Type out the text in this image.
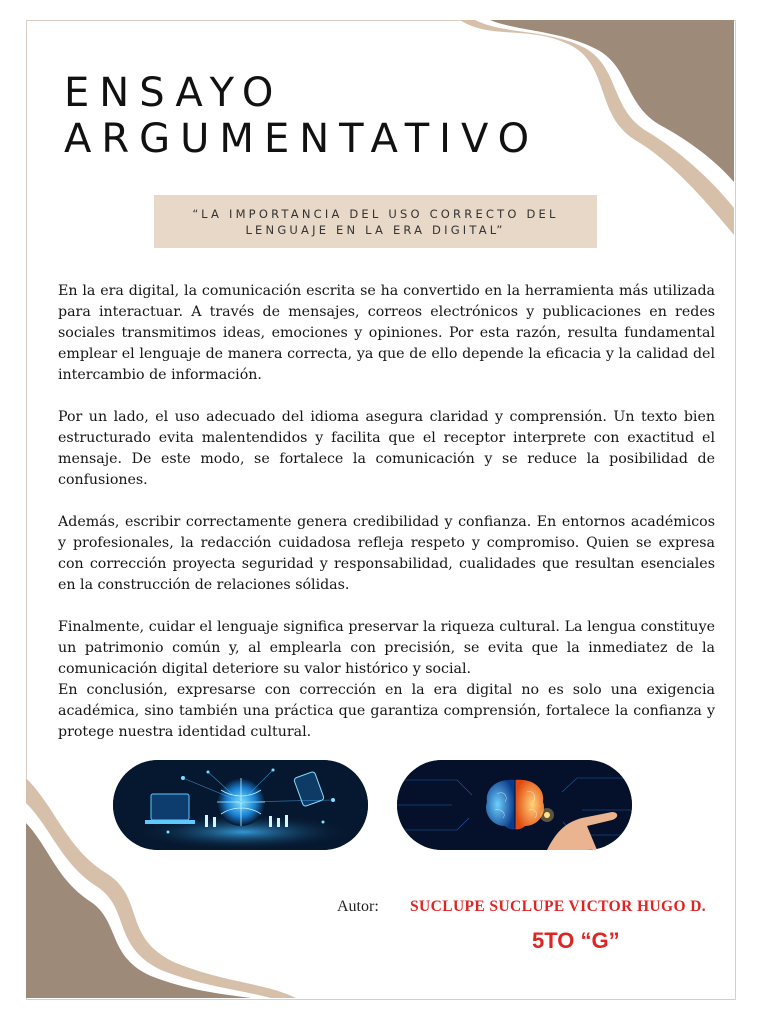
ENSAYO
ARGUMENTATIVO

“LA IMPORTANCIA DEL USO CORRECTO DEL LENGUAJE EN LA ERA DIGITAL”

En la era digital, la comunicación escrita se ha convertido en la herramienta más utilizada para interactuar. A través de mensajes, correos electrónicos y publicaciones en redes sociales transmitimos ideas, emociones y opiniones. Por esta razón, resulta fundamental emplear el lenguaje de manera correcta, ya que de ello depende la eficacia y la calidad del intercambio de información.

Por un lado, el uso adecuado del idioma asegura claridad y comprensión. Un texto bien estructurado evita malentendidos y facilita que el receptor interprete con exactitud el mensaje. De este modo, se fortalece la comunicación y se reduce la posibilidad de confusiones.

Además, escribir correctamente genera credibilidad y confianza. En entornos académicos y profesionales, la redacción cuidadosa refleja respeto y compromiso. Quien se expresa con corrección proyecta seguridad y responsabilidad, cualidades que resultan esenciales en la construcción de relaciones sólidas.

Finalmente, cuidar el lenguaje significa preservar la riqueza cultural. La lengua constituye un patrimonio común y, al emplearla con precisión, se evita que la inmediatez de la comunicación digital deteriore su valor histórico y social.

En conclusión, expresarse con corrección en la era digital no es solo una exigencia académica, sino también una práctica que garantiza comprensión, fortalece la confianza y protege nuestra identidad cultural.

Autor: SUCLUPE SUCLUPE VICTOR HUGO D.
5TO “G”
